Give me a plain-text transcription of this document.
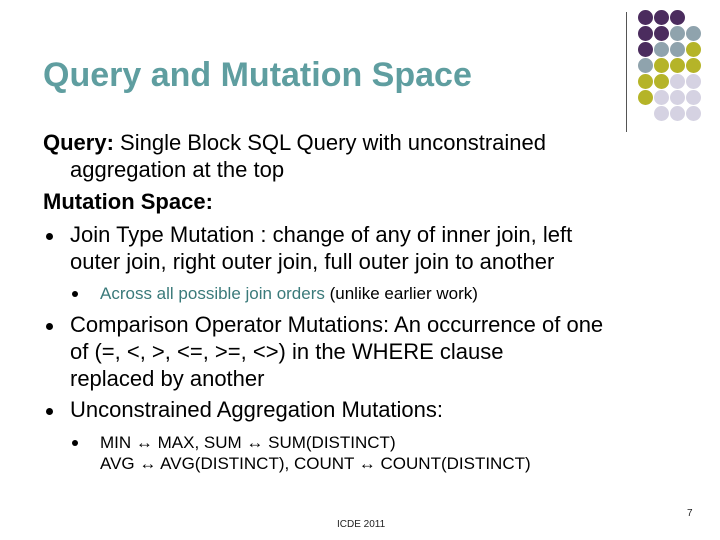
Query and Mutation Space
Query: Single Block SQL Query with unconstrained
aggregation at the top
Mutation Space:
Join Type Mutation : change of any of inner join, left
outer join, right outer join, full outer join to another
Across all possible join orders (unlike earlier work)
Comparison Operator Mutations: An occurrence of one
of (=, <, >, <=, >=, <>) in the WHERE clause
replaced by another
Unconstrained Aggregation Mutations:
MIN ↔ MAX, SUM ↔ SUM(DISTINCT)
AVG ↔ AVG(DISTINCT), COUNT ↔ COUNT(DISTINCT)
7
ICDE 2011
